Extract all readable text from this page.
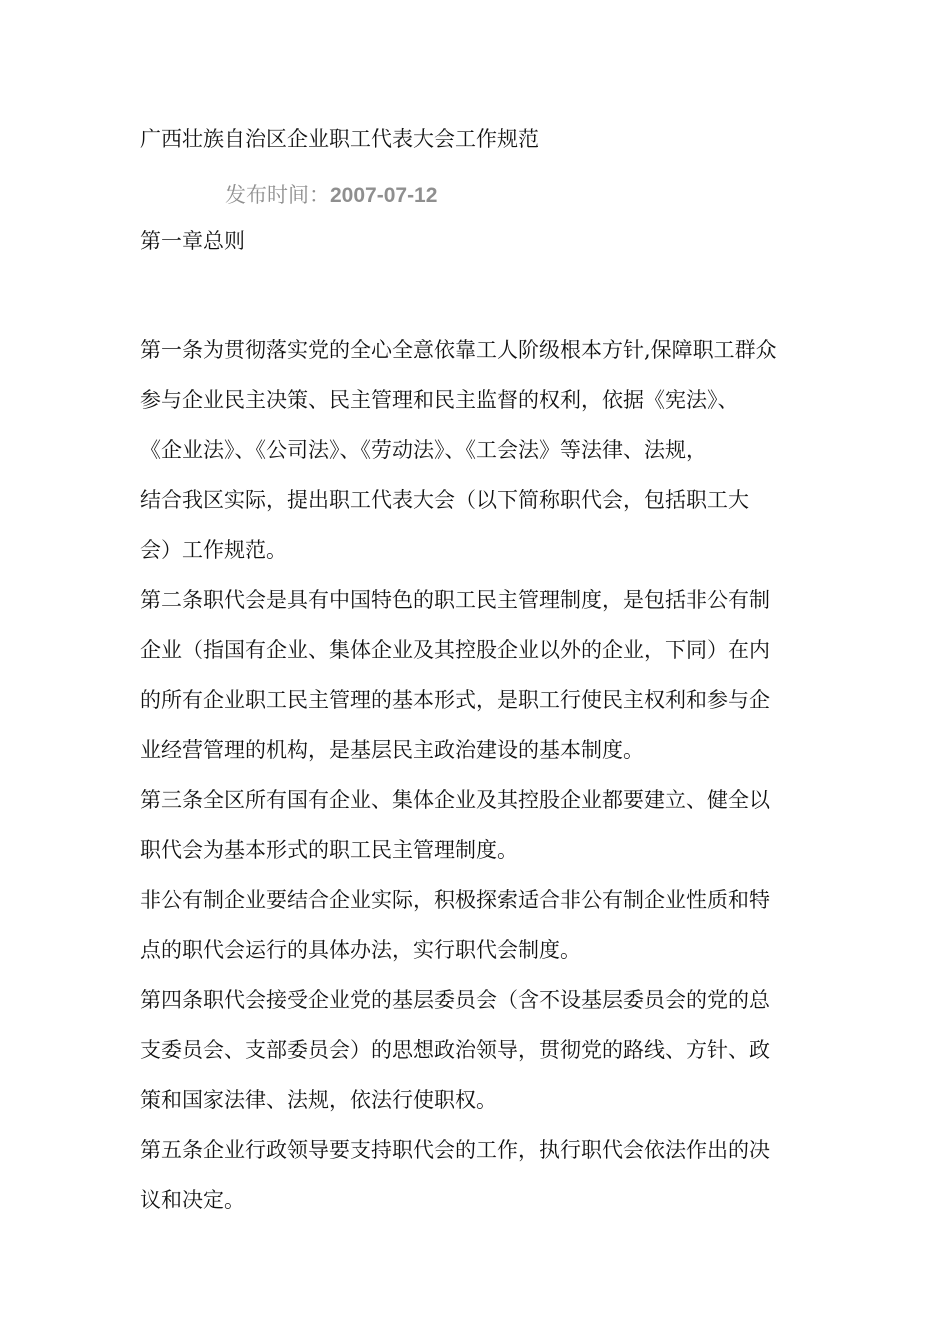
广西壮族自治区企业职工代表大会工作规范
发布时间：2007-07-12
第一章总则

第一条为贯彻落实党的全心全意依靠工人阶级根本方针,保障职工群众
参与企业民主决策、民主管理和民主监督的权利，依据《宪法》、
《企业法》、《公司法》、《劳动法》、《工会法》等法律、法规，
结合我区实际，提出职工代表大会（以下简称职代会，包括职工大
会）工作规范。

第二条职代会是具有中国特色的职工民主管理制度，是包括非公有制
企业（指国有企业、集体企业及其控股企业以外的企业，下同）在内
的所有企业职工民主管理的基本形式，是职工行使民主权利和参与企
业经营管理的机构，是基层民主政治建设的基本制度。

第三条全区所有国有企业、集体企业及其控股企业都要建立、健全以
职代会为基本形式的职工民主管理制度。

非公有制企业要结合企业实际，积极探索适合非公有制企业性质和特
点的职代会运行的具体办法，实行职代会制度。

第四条职代会接受企业党的基层委员会（含不设基层委员会的党的总
支委员会、支部委员会）的思想政治领导，贯彻党的路线、方针、政
策和国家法律、法规，依法行使职权。

第五条企业行政领导要支持职代会的工作，执行职代会依法作出的决
议和决定。
